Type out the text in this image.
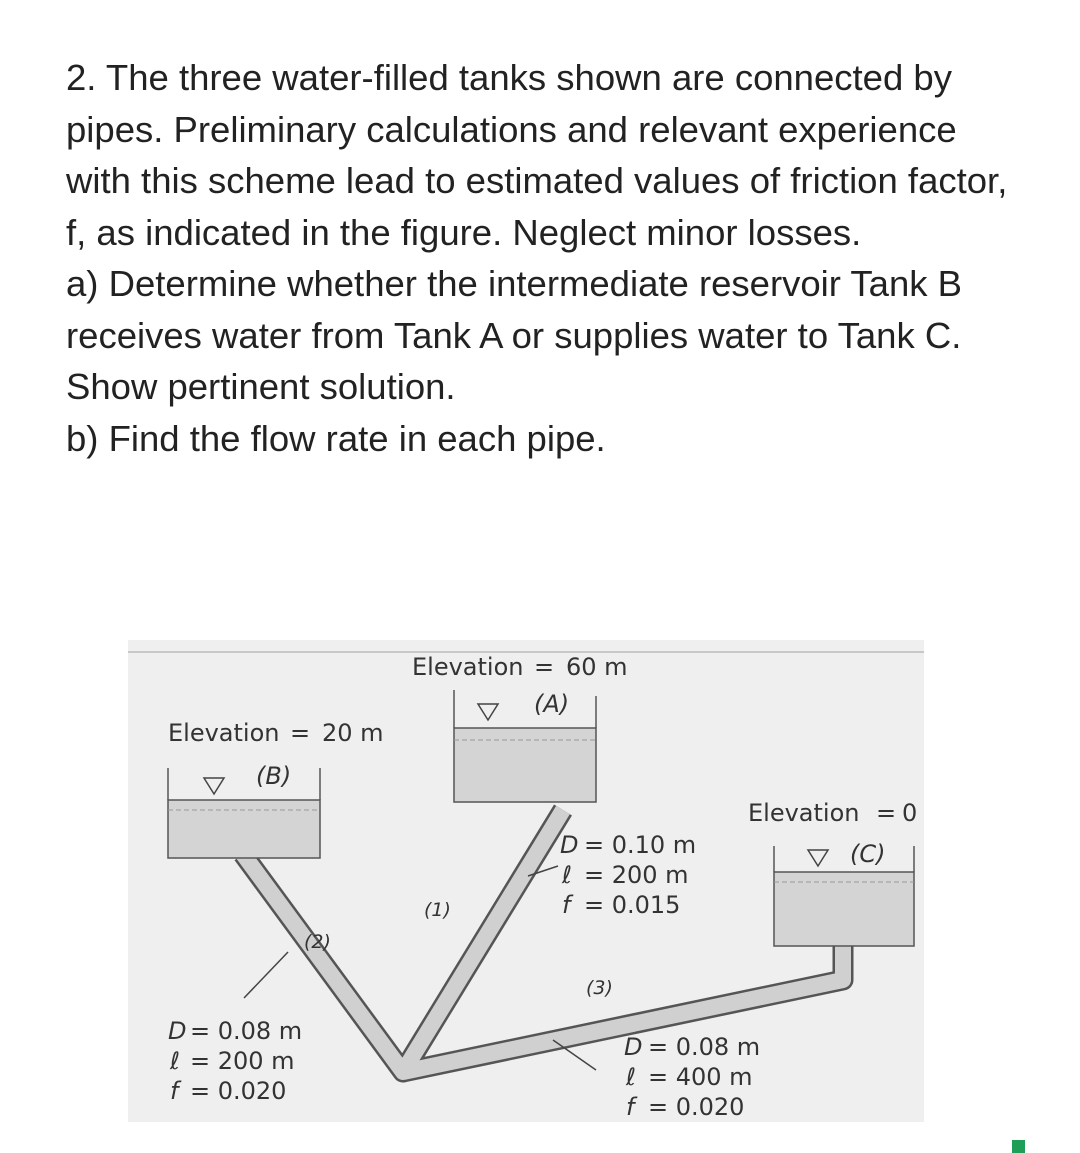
2. The three water-filled tanks shown are connected by pipes. Preliminary calculations and relevant experience with this scheme lead to estimated values of friction factor, f, as indicated in the figure. Neglect minor losses.

a) Determine whether the intermediate reservoir Tank B receives water from Tank A or supplies water to Tank C. Show pertinent solution.

b) Find the flow rate in each pipe.

Elevation = 60 m
(A)
Elevation = 20 m
(B)
Elevation = 0
(C)
(1)
(2)
(3)
D = 0.10 m
ℓ = 200 m
f = 0.015
D = 0.08 m
ℓ = 200 m
f = 0.020
D = 0.08 m
ℓ = 400 m
f = 0.020
